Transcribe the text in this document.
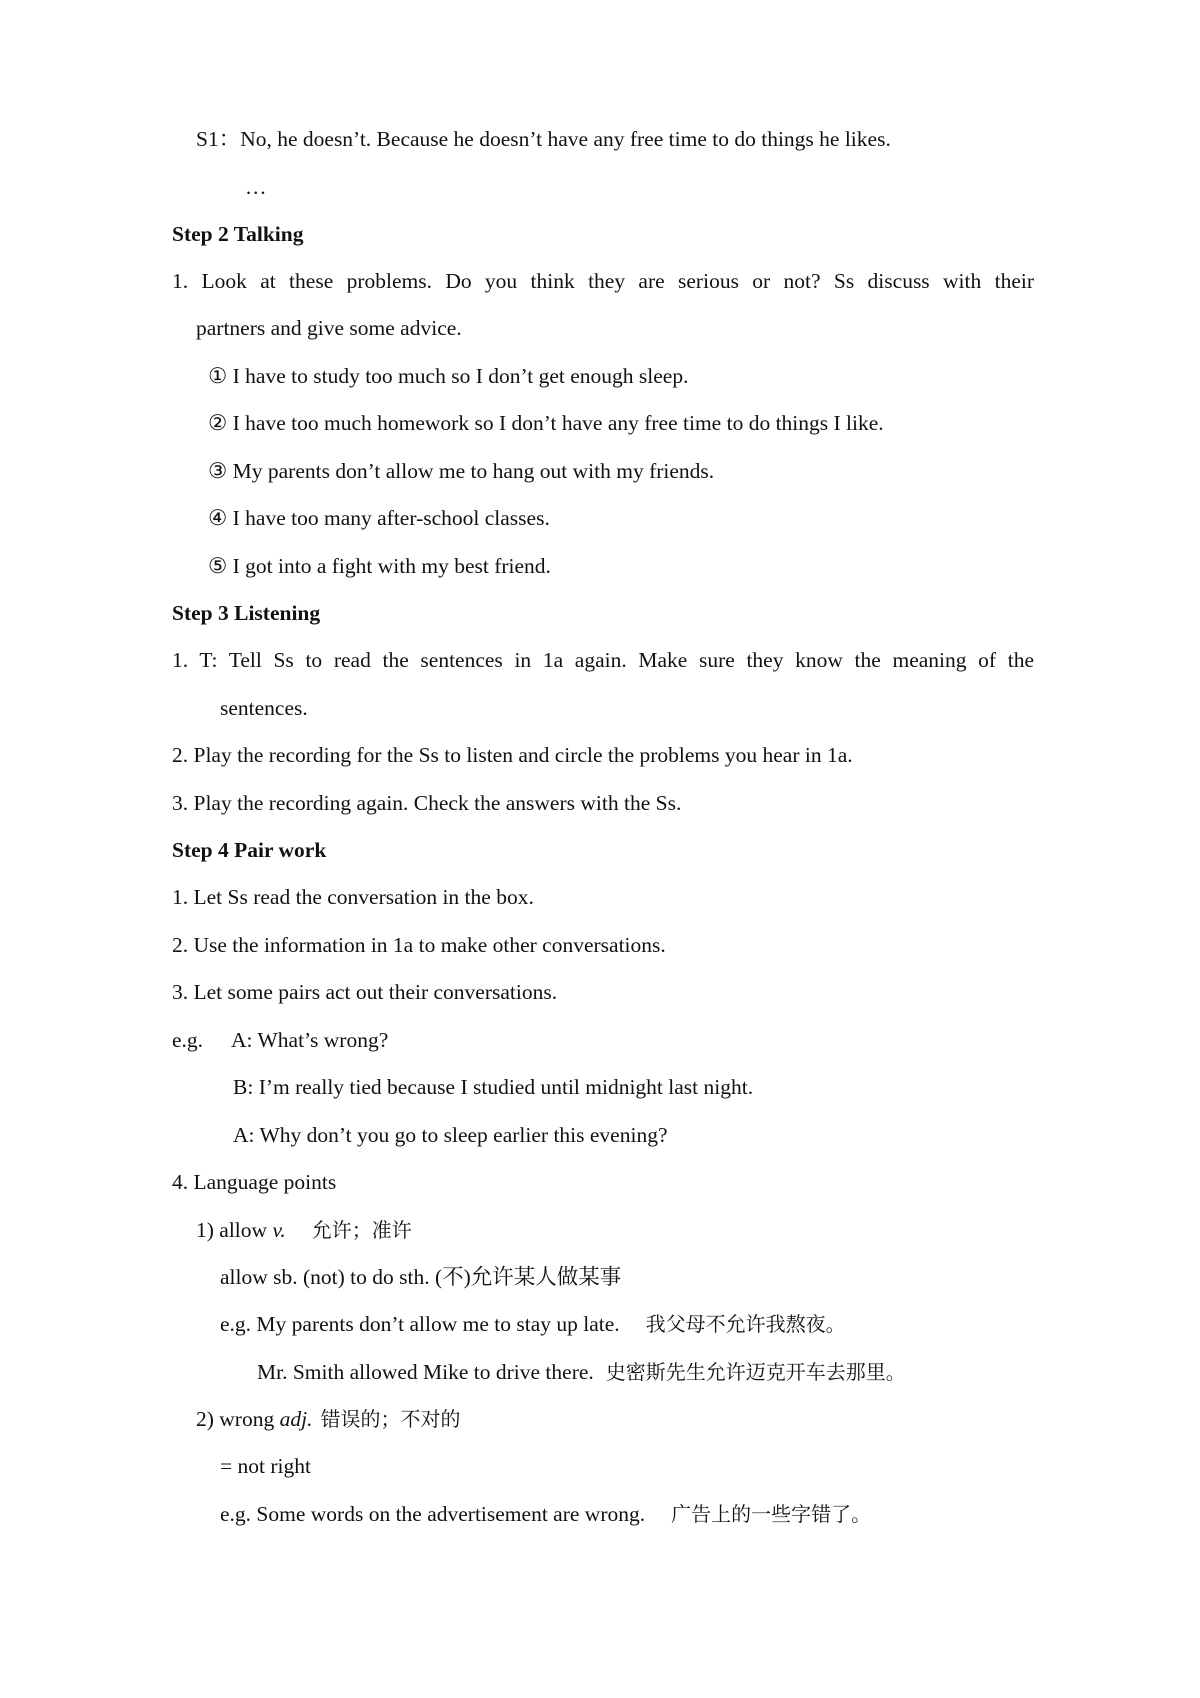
S1：No, he doesn’t. Because he doesn’t have any free time to do things he likes.
…
Step 2 Talking
1. Look at these problems. Do you think they are serious or not? Ss discuss with their
partners and give some advice.
① I have to study too much so I don’t get enough sleep.
② I have too much homework so I don’t have any free time to do things I like.
③ My parents don’t allow me to hang out with my friends.
④ I have too many after-school classes.
⑤ I got into a fight with my best friend.
Step 3 Listening
1. T: Tell Ss to read the sentences in 1a again. Make sure they know the meaning of the
sentences.
2. Play the recording for the Ss to listen and circle the problems you hear in 1a.
3. Play the recording again. Check the answers with the Ss.
Step 4 Pair work
1. Let Ss read the conversation in the box.
2. Use the information in 1a to make other conversations.
3. Let some pairs act out their conversations.
e.g. A: What’s wrong?
B: I’m really tied because I studied until midnight last night.
A: Why don’t you go to sleep earlier this evening?
4. Language points
1) allow v. 允许；准许
allow sb. (not) to do sth. (不)允许某人做某事
e.g. My parents don’t allow me to stay up late. 我父母不允许我熬夜。
Mr. Smith allowed Mike to drive there. 史密斯先生允许迈克开车去那里。
2) wrong adj. 错误的；不对的
= not right
e.g. Some words on the advertisement are wrong. 广告上的一些字错了。
